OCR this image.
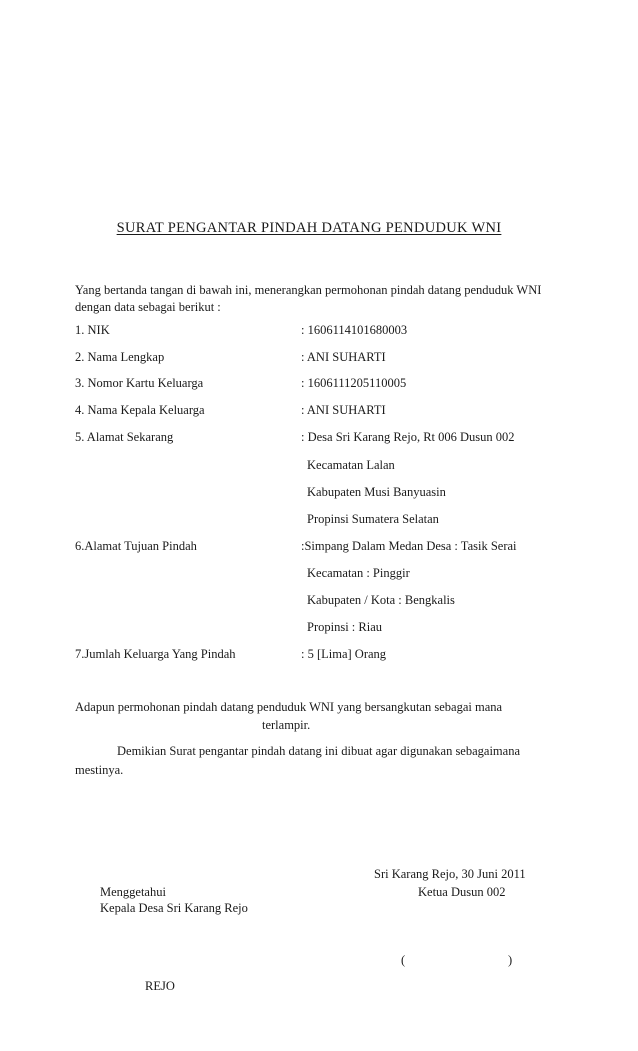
SURAT PENGANTAR PINDAH DATANG PENDUDUK WNI
Yang bertanda tangan di bawah ini, menerangkan permohonan pindah datang penduduk WNI dengan data sebagai berikut :
1. NIK	: 1606114101680003
2. Nama Lengkap	: ANI SUHARTI
3. Nomor Kartu Keluarga	: 1606111205110005
4. Nama Kepala Keluarga	: ANI SUHARTI
5. Alamat Sekarang	: Desa Sri Karang Rejo, Rt 006 Dusun 002
Kecamatan Lalan
Kabupaten Musi Banyuasin
Propinsi Sumatera Selatan
6.Alamat Tujuan Pindah	:Simpang Dalam Medan Desa : Tasik Serai
Kecamatan : Pinggir
Kabupaten / Kota : Bengkalis
Propinsi : Riau
7.Jumlah Keluarga Yang Pindah	: 5 [Lima] Orang
Adapun permohonan pindah datang penduduk WNI yang bersangkutan sebagai mana
terlampir.
Demikian Surat pengantar pindah datang ini dibuat agar digunakan sebagaimana
mestinya.
Sri Karang Rejo, 30 Juni 2011
Menggetahui	Ketua Dusun 002
Kepala Desa Sri Karang Rejo
(	)
REJO
